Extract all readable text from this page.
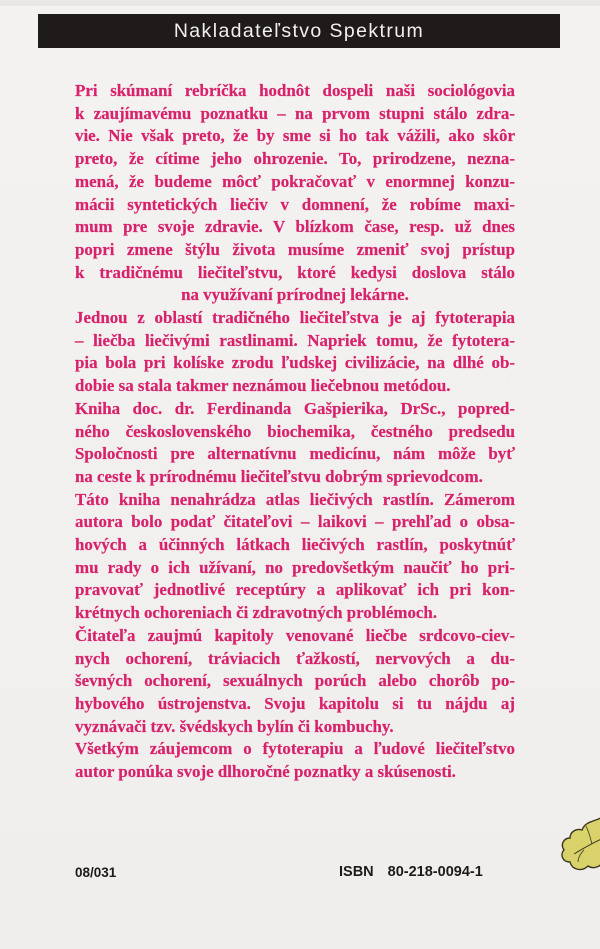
Nakladateľstvo Spektrum
Pri skúmaní rebríčka hodnôt dospeli naši sociológovia
k zaujímavému poznatku – na prvom stupni stálo zdra-
vie. Nie však preto, že by sme si ho tak vážili, ako skôr
preto, že cítime jeho ohrozenie. To, prirodzene, nezna-
mená, že budeme môcť pokračovať v enormnej konzu-
mácii syntetických liečiv v domnení, že robíme maxi-
mum pre svoje zdravie. V blízkom čase, resp. už dnes
popri zmene štýlu života musíme zmeniť svoj prístup
k tradičnému liečiteľstvu, ktoré kedysi doslova stálo
na využívaní prírodnej lekárne.
Jednou z oblastí tradičného liečiteľstva je aj fytoterapia
– liečba liečivými rastlinami. Napriek tomu, že fytotera-
pia bola pri kolíske zrodu ľudskej civilizácie, na dlhé ob-
dobie sa stala takmer neznámou liečebnou metódou.
Kniha doc. dr. Ferdinanda Gašpierika, DrSc., popred-
ného československého biochemika, čestného predsedu
Spoločnosti pre alternatívnu medicínu, nám môže byť
na ceste k prírodnému liečiteľstvu dobrým sprievodcom.
Táto kniha nenahrádza atlas liečivých rastlín. Zámerom
autora bolo podať čitateľovi – laikovi – prehľad o obsa-
hových a účinných látkach liečivých rastlín, poskytnúť
mu rady o ich užívaní, no predovšetkým naučiť ho pri-
pravovať jednotlivé receptúry a aplikovať ich pri kon-
krétnych ochoreniach či zdravotných problémoch.
Čitateľa zaujmú kapitoly venované liečbe srdcovo-ciev-
nych ochorení, tráviacich ťažkostí, nervových a du-
ševných ochorení, sexuálnych porúch alebo chorôb po-
hybového ústrojenstva. Svoju kapitolu si tu nájdu aj
vyznávači tzv. švédskych bylín či kombuchy.
Všetkým záujemcom o fytoterapiu a ľudové liečiteľstvo
autor ponúka svoje dlhoročné poznatky a skúsenosti.
08/031	ISBN 80-218-0094-1
